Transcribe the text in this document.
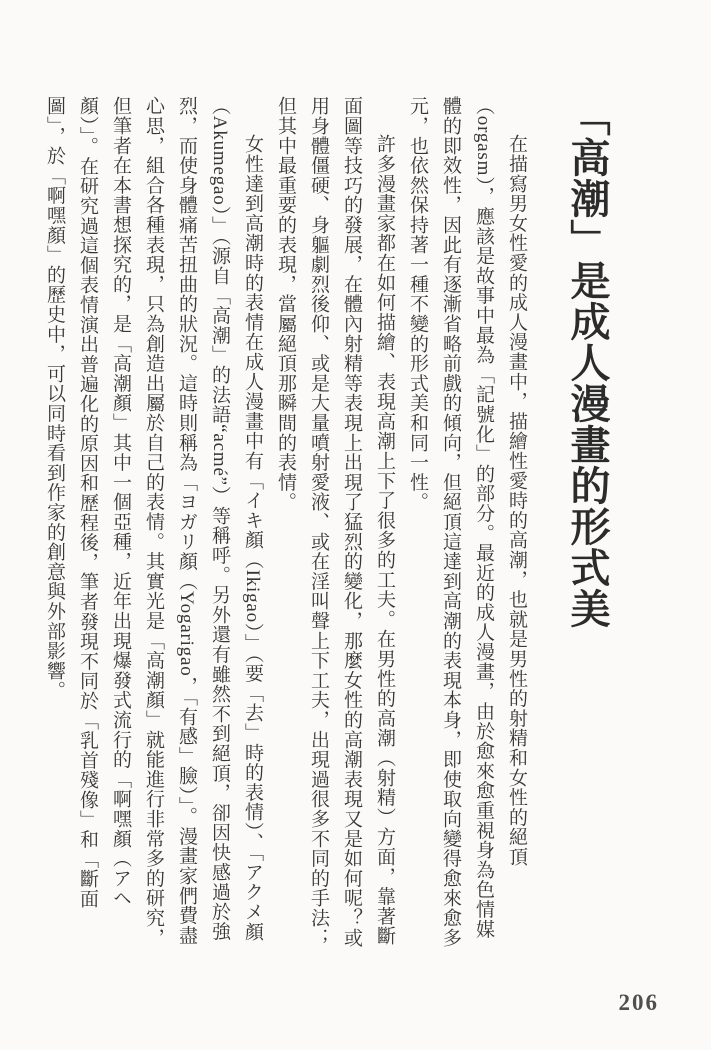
「高潮」是成人漫畫的形式美

在描寫男女性愛的成人漫畫中，描繪性愛時的高潮，也就是男性的射精和女性的絕頂（orgasm），應該是故事中最為「記號化」的部分。最近的成人漫畫，由於愈來愈重視身為色情媒體的即效性，因此有逐漸省略前戲的傾向，但絕頂這達到高潮的表現本身，即使取向變得愈來愈多元，也依然保持著一種不變的形式美和同一性。

許多漫畫家都在如何描繪、表現高潮上下了很多的工夫。在男性的高潮（射精）方面，靠著斷面圖等技巧的發展，在體內射精等表現上出現了猛烈的變化，那麼女性的高潮表現又是如何呢？或用身體僵硬、身軀劇烈後仰、或是大量噴射愛液、或在淫叫聲上下工夫，出現過很多不同的手法；但其中最重要的表現，當屬絕頂那瞬間的表情。

女性達到高潮時的表情在成人漫畫中有「イキ顏（Ikigao）」（要「去」時的表情）、「アクメ顏（Akumegao）」（源自「高潮」的法語“acmé”）等稱呼。另外還有雖然不到絕頂，卻因快感過於強烈，而使身體痛苦扭曲的狀況。這時則稱為「ヨガリ顏（Yogarigao，「有感」臉）」。漫畫家們費盡心思，組合各種表現，只為創造出屬於自己的表情。其實光是「高潮顏」就能進行非常多的研究，但筆者在本書想探究的，是「高潮顏」其中一個亞種，近年出現爆發式流行的「啊嘿顏（アヘ顏）」。在研究過這個表情演出普遍化的原因和歷程後，筆者發現不同於「乳首殘像」和「斷面圖」，於「啊嘿顏」的歷史中，可以同時看到作家的創意與外部影響。

206
